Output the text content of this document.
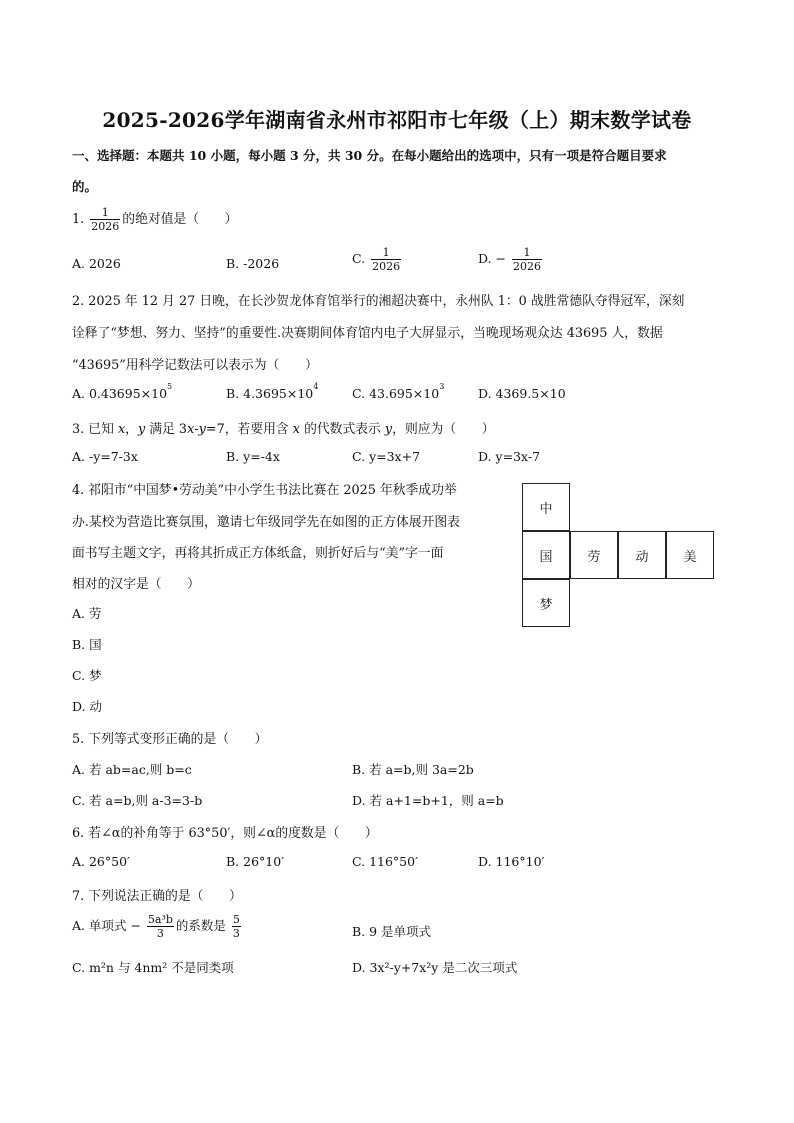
2025-2026学年湖南省永州市祁阳市七年级（上）期末数学试卷
一、选择题：本题共 10 小题，每小题 3 分，共 30 分。在每小题给出的选项中，只有一项是符合题目要求
的。
1. $\frac{1}{2026}$ 的绝对值是（　　）
A. 2026	B. -2026	C. $\frac{1}{2026}$	D. − $\frac{1}{2026}$
2. 2025 年 12 月 27 日晚，在长沙贺龙体育馆举行的湘超决赛中，永州队 1：0 战胜常德队夺得冠军，深刻
诠释了“梦想、努力、坚持”的重要性.决赛期间体育馆内电子大屏显示，当晚现场观众达 43695 人，数据
“43695”用科学记数法可以表示为（　　）
A. $0.43695\times 10^5$	B. $4.3695\times 10^4$	C. $43.695\times 10^3$	D. 4369.5×10
3. 已知 x，y 满足 3x-y=7，若要用含 x 的代数式表示 y，则应为（　　）
A. -y=7-3x	B. y=-4x	C. y=3x+7	D. y=3x-7
4. 祁阳市“中国梦•劳动美”中小学生书法比赛在 2025 年秋季成功举
办.某校为营造比赛氛围，邀请七年级同学先在如图的正方体展开图表
面书写主题文字，再将其折成正方体纸盒，则折好后与“美”字一面
相对的汉字是（　　）
A. 劳
B. 国
C. 梦
D. 动
中
国	劳	动	美
梦
5. 下列等式变形正确的是（　　）
A. 若 ab=ac,则 b=c	B. 若 a=b,则 3a=2b
C. 若 a=b,则 a-3=3-b	D. 若 a+1=b+1，则 a=b
6. 若∠α的补角等于 63°50′，则∠α的度数是（　　）
A. 26°50′	B. 26°10′	C. 116°50′	D. 116°10′
7. 下列说法正确的是（　　）
A. 单项式 − $\frac{\text{5a³b}}{3}$ 的系数是 $\frac{5}{3}$	B. 9 是单项式
C. m²n 与 4nm² 不是同类项	D. 3x²-y+7x²y 是二次三项式
